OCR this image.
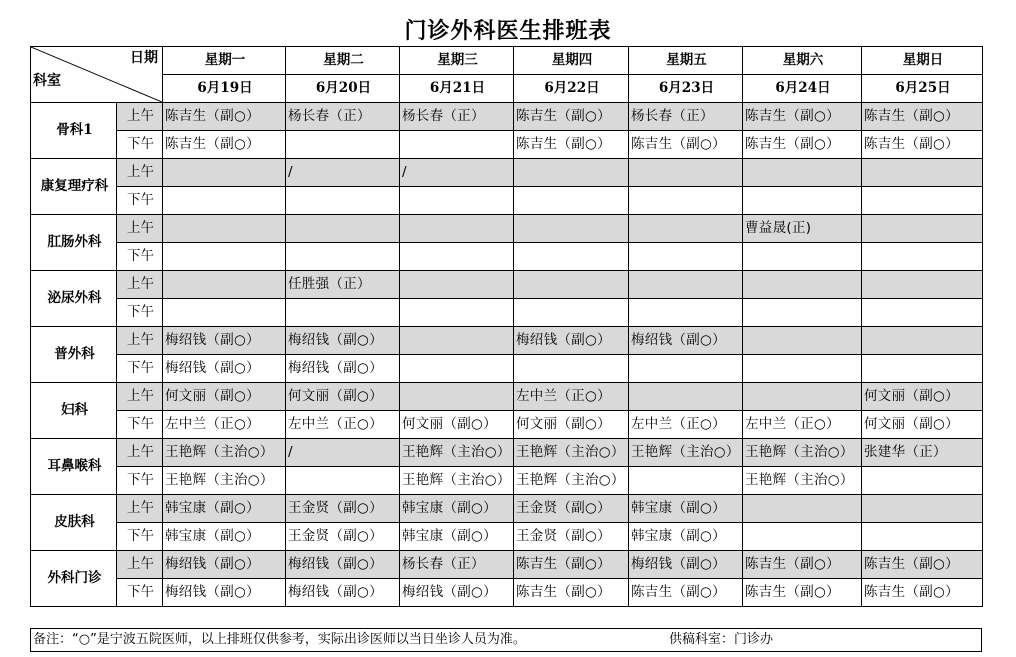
门诊外科医生排班表
日期
科室		星期一	星期二	星期三	星期四	星期五	星期六	星期日
		6月19日	6月20日	6月21日	6月22日	6月23日	6月24日	6月25日
骨科1	上午	陈吉生（副○）	杨长春（正）	杨长春（正）	陈吉生（副○）	杨长春（正）	陈吉生（副○）	陈吉生（副○）
	下午	陈吉生（副○）			陈吉生（副○）	陈吉生（副○）	陈吉生（副○）	陈吉生（副○）
康复理疗科	上午		/	/				
	下午							
肛肠外科	上午						曹益晟(正)	
	下午							
泌尿外科	上午		任胜强（正）					
	下午							
普外科	上午	梅绍钱（副○）	梅绍钱（副○）		梅绍钱（副○）	梅绍钱（副○）		
	下午	梅绍钱（副○）	梅绍钱（副○）					
妇科	上午	何文丽（副○）	何文丽（副○）		左中兰（正○）			何文丽（副○）
	下午	左中兰（正○）	左中兰（正○）	何文丽（副○）	何文丽（副○）	左中兰（正○）	左中兰（正○）	何文丽（副○）
耳鼻喉科	上午	王艳辉（主治○）	/	王艳辉（主治○）	王艳辉（主治○）	王艳辉（主治○）	王艳辉（主治○）	张建华（正）
	下午	王艳辉（主治○）		王艳辉（主治○）	王艳辉（主治○）		王艳辉（主治○）	
皮肤科	上午	韩宝康（副○）	王金贤（副○）	韩宝康（副○）	王金贤（副○）	韩宝康（副○）		
	下午	韩宝康（副○）	王金贤（副○）	韩宝康（副○）	王金贤（副○）	韩宝康（副○）		
外科门诊	上午	梅绍钱（副○）	梅绍钱（副○）	杨长春（正）	陈吉生（副○）	梅绍钱（副○）	陈吉生（副○）	陈吉生（副○）
	下午	梅绍钱（副○）	梅绍钱（副○）	梅绍钱（副○）	陈吉生（副○）	陈吉生（副○）	陈吉生（副○）	陈吉生（副○）
备注：“○”是宁波五院医师，以上排班仅供参考，实际出诊医师以当日坐诊人员为准。	供稿科室：门诊办
